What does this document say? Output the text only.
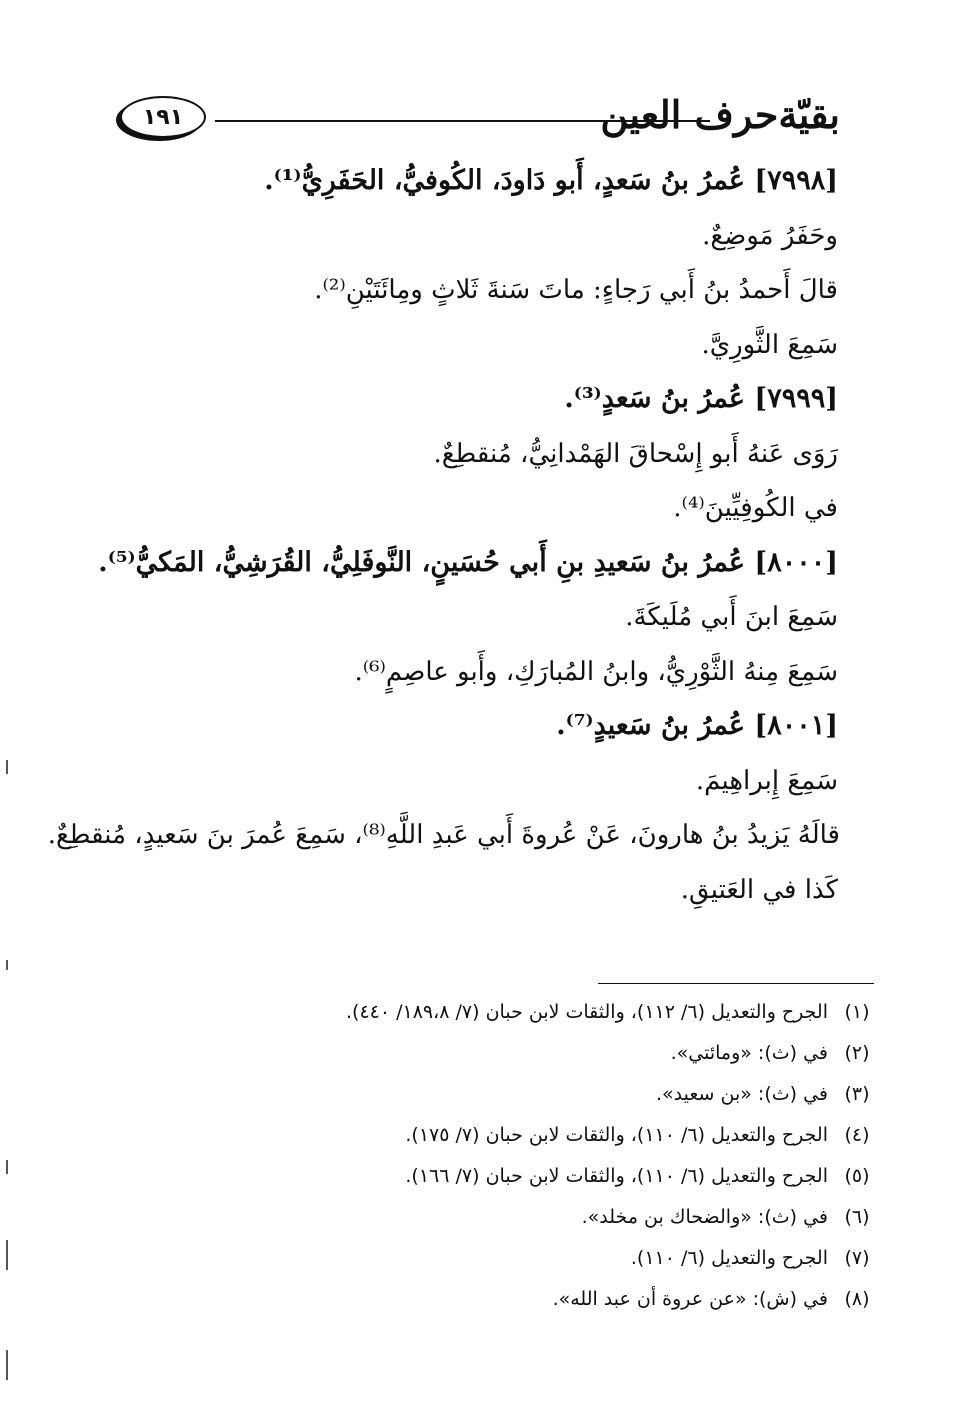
بقيّةحرف العين
١٩١
[٧٩٩٨] عُمرُ بنُ سَعدٍ، أَبو دَاودَ، الكُوفيُّ، الحَفَرِيُّ⁽¹⁾.
وحَفَرُ مَوضِعٌ.
قالَ أَحمدُ بنُ أَبي رَجاءٍ: ماتَ سَنةَ ثَلاثٍ ومِائَتَيْنِ⁽²⁾.
سَمِعَ الثَّورِيَّ.
[٧٩٩٩] عُمرُ بنُ سَعدٍ⁽³⁾.
رَوَى عَنهُ أَبو إِسْحاقَ الهَمْدانِيُّ، مُنقطِعٌ.
في الكُوفِيِّينَ⁽⁴⁾.
[٨٠٠٠] عُمرُ بنُ سَعيدِ بنِ أَبي حُسَينٍ، النَّوفَلِيُّ، القُرَشِيُّ، المَكيُّ⁽⁵⁾.
سَمِعَ ابنَ أَبي مُلَيكَةَ.
سَمِعَ مِنهُ الثَّوْرِيُّ، وابنُ المُبارَكِ، وأَبو عاصِمٍ⁽⁶⁾.
[٨٠٠١] عُمرُ بنُ سَعيدٍ⁽⁷⁾.
سَمِعَ إِبراهِيمَ.
قالَهُ يَزيدُ بنُ هارونَ، عَنْ عُروةَ أَبي عَبدِ اللَّهِ⁽⁸⁾، سَمِعَ عُمرَ بنَ سَعيدٍ، مُنقطِعٌ.
كَذا في العَتيقِ.
(١)
الجرح والتعديل (٦/ ١١٢)، والثقات لابن حبان (٧/ ١٨٩،٨/ ٤٤٠).
(٢)
في (ث): «ومائتي».
(٣)
في (ث): «بن سعيد».
(٤)
الجرح والتعديل (٦/ ١١٠)، والثقات لابن حبان (٧/ ١٧٥).
(٥)
الجرح والتعديل (٦/ ١١٠)، والثقات لابن حبان (٧/ ١٦٦).
(٦)
في (ث): «والضحاك بن مخلد».
(٧)
الجرح والتعديل (٦/ ١١٠).
(٨)
في (ش): «عن عروة أن عبد الله».
